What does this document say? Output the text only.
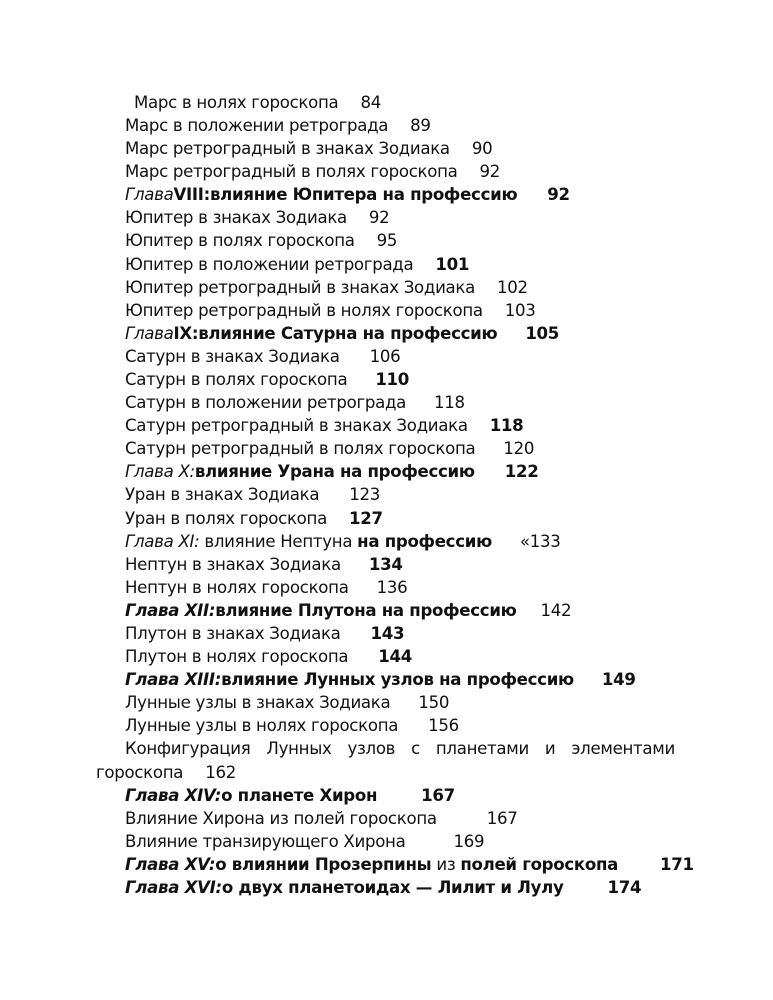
Марс в нолях гороскопа 84
Марс в положении ретрограда 89
Марс ретроградный в знаках Зодиака 90
Марс ретроградный в полях гороскопа 92
ГлаваVIII:влияние Юпитера на профессию 92
Юпитер в знаках Зодиака 92
Юпитер в полях гороскопа 95
Юпитер в положении ретрограда 101
Юпитер ретроградный в знаках Зодиака 102
Юпитер ретроградный в нолях гороскопа 103
ГлаваIX:влияние Сатурна на профессию 105
Сатурн в знаках Зодиака 106
Сатурн в полях гороскопа 110
Сатурн в положении ретрограда 118
Сатурн ретроградный в знаках Зодиака 118
Сатурн ретроградный в полях гороскопа 120
Глава Х:влияние Урана на профессию 122
Уран в знаках Зодиака 123
Уран в полях гороскопа 127
Глава XI: влияние Нептуна на профессию «133
Нептун в знаках Зодиака 134
Нептун в нолях гороскопа 136
Глава XII:влияние Плутона на профессию 142
Плутон в знаках Зодиака 143
Плутон в нолях гороскопа 144
Глава XIII:влияние Лунных узлов на профессию 149
Лунные узлы в знаках Зодиака 150
Лунные узлы в нолях гороскопа 156
Конфигурация Лунных узлов с планетами и элементами
гороскопа 162
Глава XIV:о планете Хирон	167
Влияние Хирона из полей гороскопа	167
Влияние транзирующего Хирона	169
Глава XV:о влиянии Прозерпины из полей гороскопа	171
Глава XVI:о двух планетоидах — Лилит и Лулу	174
